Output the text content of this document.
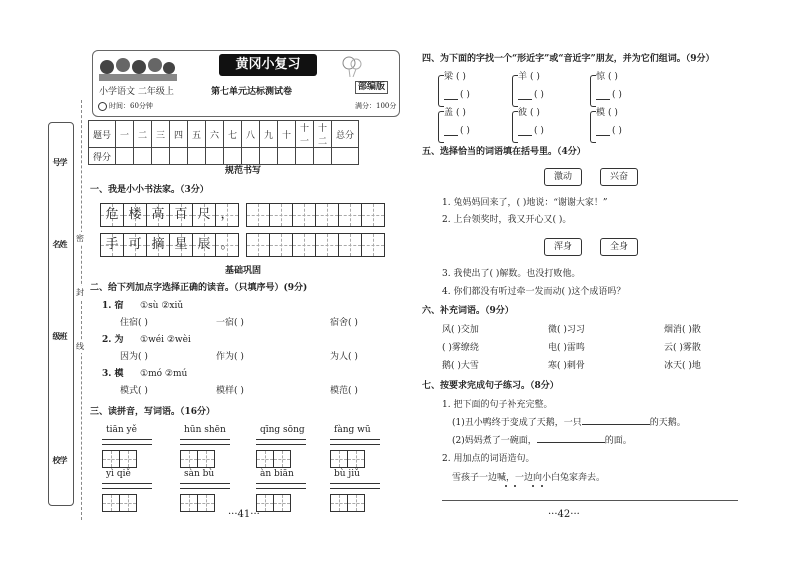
学号
姓名
班级
学校
密
封
线
黄冈小复习
部编版
小学语文 二年级上	第七单元达标测试卷
时间：60分钟	满分：100分
题号	一	二	三	四	五	六	七	八	九	十	十一	十二	总分
得分													
规范书写
一、我是小小书法家。（3分）
危 楼 高 百 尺 ，
手 可 摘 星 辰 。
基础巩固
二、给下列加点字选择正确的读音。（只填序号）(9分)
1. 宿 ①sù ②xiǔ
住宿( )	一宿( )	宿舍( )
2. 为 ①wéi ②wèi
因为( )	作为( )	为人( )
3. 模 ①mó ②mú
模式( )	模样( )	模范( )
三、读拼音，写词语。（16分）
tiān yě	hūn shēn	qīng sōng	fàng wū
yì qiě	sàn bù	àn biān	bù jiǔ
···41···
四、为下面的字找一个“形近字”或“音近字”朋友，并为它们组词。（9分）
梁 ( )
( )
羊 ( )
( )
惊 ( )
( )
盖 ( )
( )
彼 ( )
( )
模 ( )
( )
五、选择恰当的词语填在括号里。（4分）
激动	兴奋
1. 兔妈妈回来了，( )地说：“谢谢大家！”
2. 上台领奖时，我又开心又( )。
浑身	全身
3. 我使出了( )解数。也没打败他。
4. 你们都没有听过牵一发而动( )这个成语吗？
六、补充词语。（9分）
风( )交加	微( )习习	烟消( )散
( )雾缭绕	电( )雷鸣	云( )雾散
鹅( )大雪	寒( )刺骨	冰天( )地
七、按要求完成句子练习。（8分）
1. 把下面的句子补充完整。
(1)丑小鸭终于变成了天鹅，一只	的天鹅。
(2)妈妈煮了一碗面，	的面。
2. 用加点的词语造句。
雪孩子一边喊，一边向小白兔家奔去。
···42···
